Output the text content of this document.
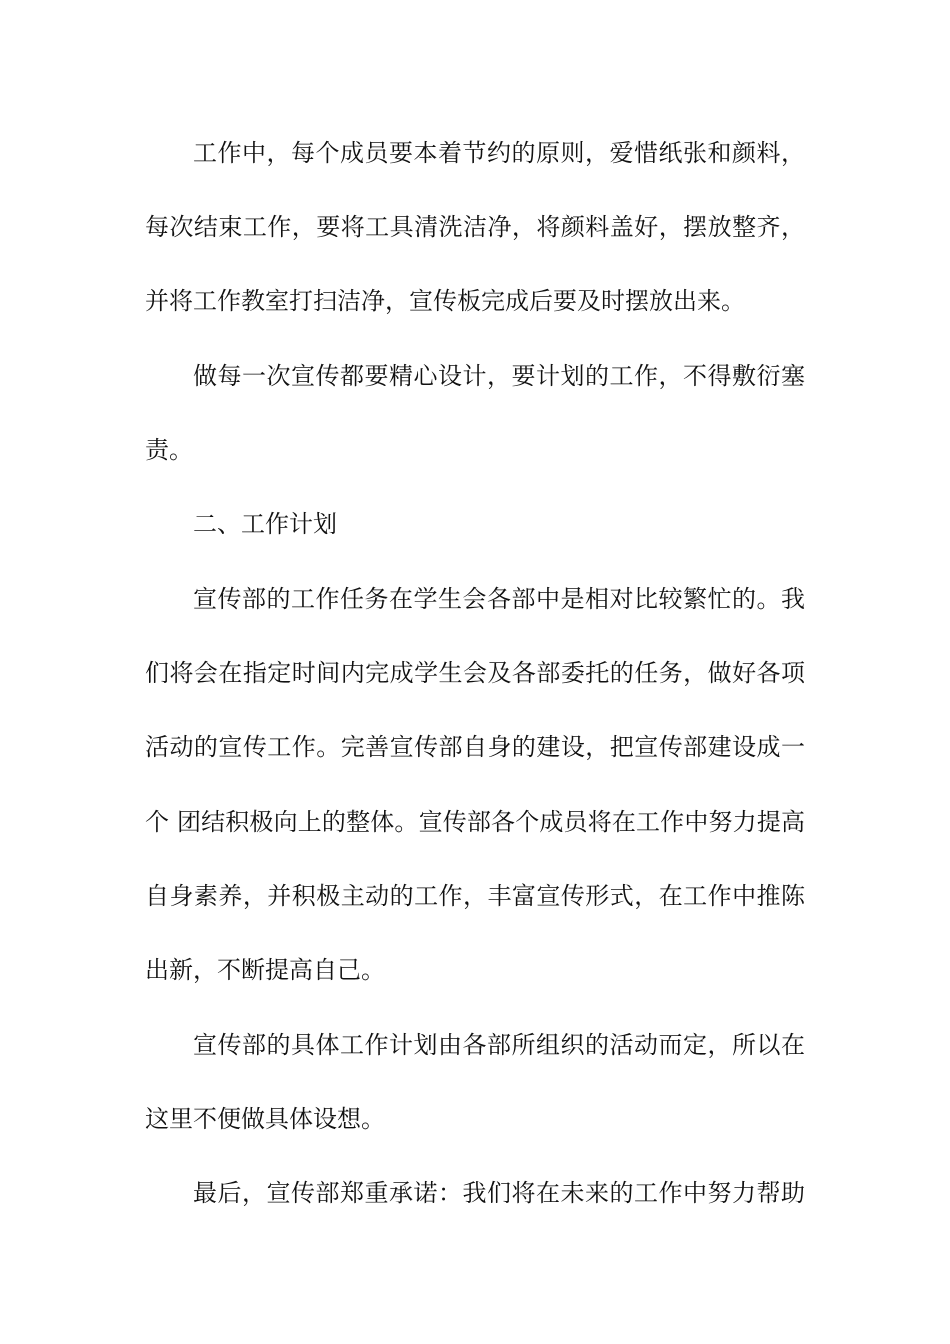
工作中，每个成员要本着节约的原则，爱惜纸张和颜料，
每次结束工作，要将工具清洗洁净，将颜料盖好，摆放整齐，
并将工作教室打扫洁净，宣传板完成后要及时摆放出来。
做每一次宣传都要精心设计，要计划的工作，不得敷衍塞
责。
二、工作计划
宣传部的工作任务在学生会各部中是相对比较繁忙的。我
们将会在指定时间内完成学生会及各部委托的任务，做好各项
活动的宣传工作。完善宣传部自身的建设，把宣传部建设成一
个 团结积极向上的整体。宣传部各个成员将在工作中努力提高
自身素养，并积极主动的工作，丰富宣传形式，在工作中推陈
出新，不断提高自己。
宣传部的具体工作计划由各部所组织的活动而定，所以在
这里不便做具体设想。
最后，宣传部郑重承诺：我们将在未来的工作中努力帮助
